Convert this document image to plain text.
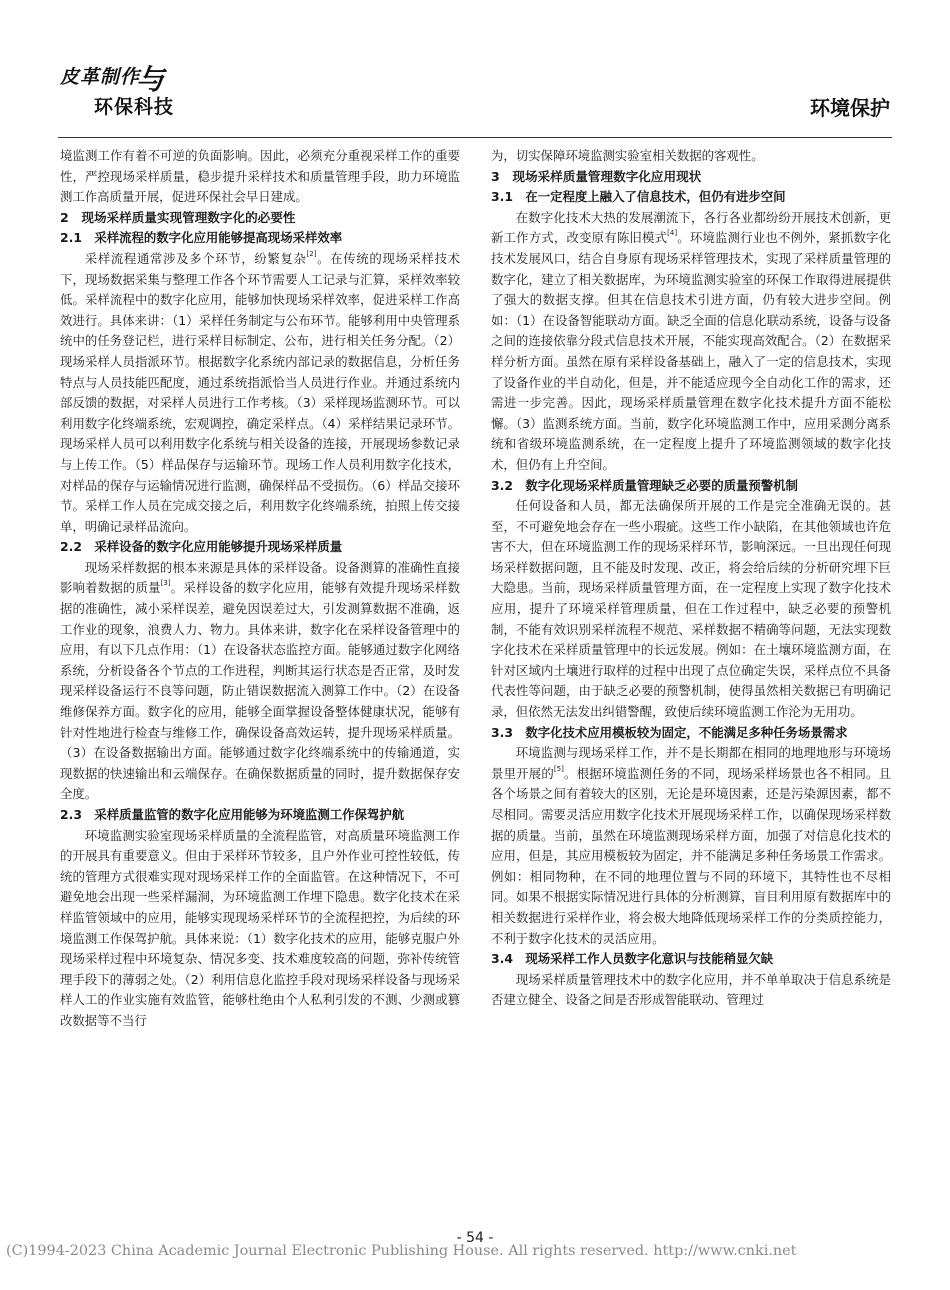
皮革制作
与
环保科技	环境保护

境监测工作有着不可逆的负面影响。因此，必须充分重视采样工作的重要性，严控现场采样质量，稳步提升采样技术和质量管理手段，助力环境监测工作高质量开展，促进环保社会早日建成。

2　现场采样质量实现管理数字化的必要性

2.1　采样流程的数字化应用能够提高现场采样效率

采样流程通常涉及多个环节，纷繁复杂[2]。在传统的现场采样技术下，现场数据采集与整理工作各个环节需要人工记录与汇算，采样效率较低。采样流程中的数字化应用，能够加快现场采样效率，促进采样工作高效进行。具体来讲：（1）采样任务制定与公布环节。能够利用中央管理系统中的任务登记栏，进行采样目标制定、公布，进行相关任务分配。（2）现场采样人员指派环节。根据数字化系统内部记录的数据信息，分析任务特点与人员技能匹配度，通过系统指派恰当人员进行作业。并通过系统内部反馈的数据，对采样人员进行工作考核。（3）采样现场监测环节。可以利用数字化终端系统，宏观调控，确定采样点。（4）采样结果记录环节。现场采样人员可以利用数字化系统与相关设备的连接，开展现场参数记录与上传工作。（5）样品保存与运输环节。现场工作人员利用数字化技术，对样品的保存与运输情况进行监测，确保样品不受损伤。（6）样品交接环节。采样工作人员在完成交接之后，利用数字化终端系统，拍照上传交接单，明确记录样品流向。

2.2　采样设备的数字化应用能够提升现场采样质量

现场采样数据的根本来源是具体的采样设备。设备测算的准确性直接影响着数据的质量[3]。采样设备的数字化应用，能够有效提升现场采样数据的准确性，减小采样误差，避免因误差过大，引发测算数据不准确，返工作业的现象，浪费人力、物力。具体来讲，数字化在采样设备管理中的应用，有以下几点作用：（1）在设备状态监控方面。能够通过数字化网络系统，分析设备各个节点的工作进程，判断其运行状态是否正常，及时发现采样设备运行不良等问题，防止错误数据流入测算工作中。（2）在设备维修保养方面。数字化的应用，能够全面掌握设备整体健康状况，能够有针对性地进行检查与维修工作，确保设备高效运转，提升现场采样质量。（3）在设备数据输出方面。能够通过数字化终端系统中的传输通道，实现数据的快速输出和云端保存。在确保数据质量的同时，提升数据保存安全度。

2.3　采样质量监管的数字化应用能够为环境监测工作保驾护航

环境监测实验室现场采样质量的全流程监管，对高质量环境监测工作的开展具有重要意义。但由于采样环节较多，且户外作业可控性较低，传统的管理方式很难实现对现场采样工作的全面监管。在这种情况下，不可避免地会出现一些采样漏洞，为环境监测工作埋下隐患。数字化技术在采样监管领域中的应用，能够实现现场采样环节的全流程把控，为后续的环境监测工作保驾护航。具体来说：（1）数字化技术的应用，能够克服户外现场采样过程中环境复杂、情况多变、技术难度较高的问题，弥补传统管理手段下的薄弱之处。（2）利用信息化监控手段对现场采样设备与现场采样人工的作业实施有效监管，能够杜绝由个人私利引发的不测、少测或篡改数据等不当行

为，切实保障环境监测实验室相关数据的客观性。

3　现场采样质量管理数字化应用现状

3.1　在一定程度上融入了信息技术，但仍有进步空间

在数字化技术大热的发展潮流下，各行各业都纷纷开展技术创新，更新工作方式，改变原有陈旧模式[4]。环境监测行业也不例外，紧抓数字化技术发展风口，结合自身原有现场采样管理技术，实现了采样质量管理的数字化，建立了相关数据库，为环境监测实验室的环保工作取得进展提供了强大的数据支撑。但其在信息技术引进方面，仍有较大进步空间。例如：（1）在设备智能联动方面。缺乏全面的信息化联动系统，设备与设备之间的连接依靠分段式信息技术开展，不能实现高效配合。（2）在数据采样分析方面。虽然在原有采样设备基础上，融入了一定的信息技术，实现了设备作业的半自动化，但是，并不能适应现今全自动化工作的需求，还需进一步完善。因此，现场采样质量管理在数字化技术提升方面不能松懈。（3）监测系统方面。当前，数字化环境监测工作中，应用采测分离系统和省级环境监测系统，在一定程度上提升了环境监测领域的数字化技术，但仍有上升空间。

3.2　数字化现场采样质量管理缺乏必要的质量预警机制

任何设备和人员，都无法确保所开展的工作是完全准确无误的。甚至，不可避免地会存在一些小瑕疵。这些工作小缺陷，在其他领域也许危害不大，但在环境监测工作的现场采样环节，影响深远。一旦出现任何现场采样数据问题，且不能及时发现、改正，将会给后续的分析研究埋下巨大隐患。当前，现场采样质量管理方面，在一定程度上实现了数字化技术应用，提升了环境采样管理质量，但在工作过程中，缺乏必要的预警机制，不能有效识别采样流程不规范、采样数据不精确等问题，无法实现数字化技术在采样质量管理中的长远发展。例如：在土壤环境监测方面，在针对区域内土壤进行取样的过程中出现了点位确定失误，采样点位不具备代表性等问题，由于缺乏必要的预警机制，使得虽然相关数据已有明确记录，但依然无法发出纠错警醒，致使后续环境监测工作沦为无用功。

3.3　数字化技术应用模板较为固定，不能满足多种任务场景需求

环境监测与现场采样工作，并不是长期都在相同的地理地形与环境场景里开展的[5]。根据环境监测任务的不同，现场采样场景也各不相同。且各个场景之间有着较大的区别，无论是环境因素，还是污染源因素，都不尽相同。需要灵活应用数字化技术开展现场采样工作，以确保现场采样数据的质量。当前，虽然在环境监测现场采样方面，加强了对信息化技术的应用，但是，其应用模板较为固定，并不能满足多种任务场景工作需求。例如：相同物种，在不同的地理位置与不同的环境下，其特性也不尽相同。如果不根据实际情况进行具体的分析测算，盲目利用原有数据库中的相关数据进行采样作业，将会极大地降低现场采样工作的分类质控能力，不利于数字化技术的灵活应用。

3.4　现场采样工作人员数字化意识与技能稍显欠缺

现场采样质量管理技术中的数字化应用，并不单单取决于信息系统是否建立健全、设备之间是否形成智能联动、管理过

- 54 -
(C)1994-2023 China Academic Journal Electronic Publishing House. All rights reserved. http://www.cnki.net
